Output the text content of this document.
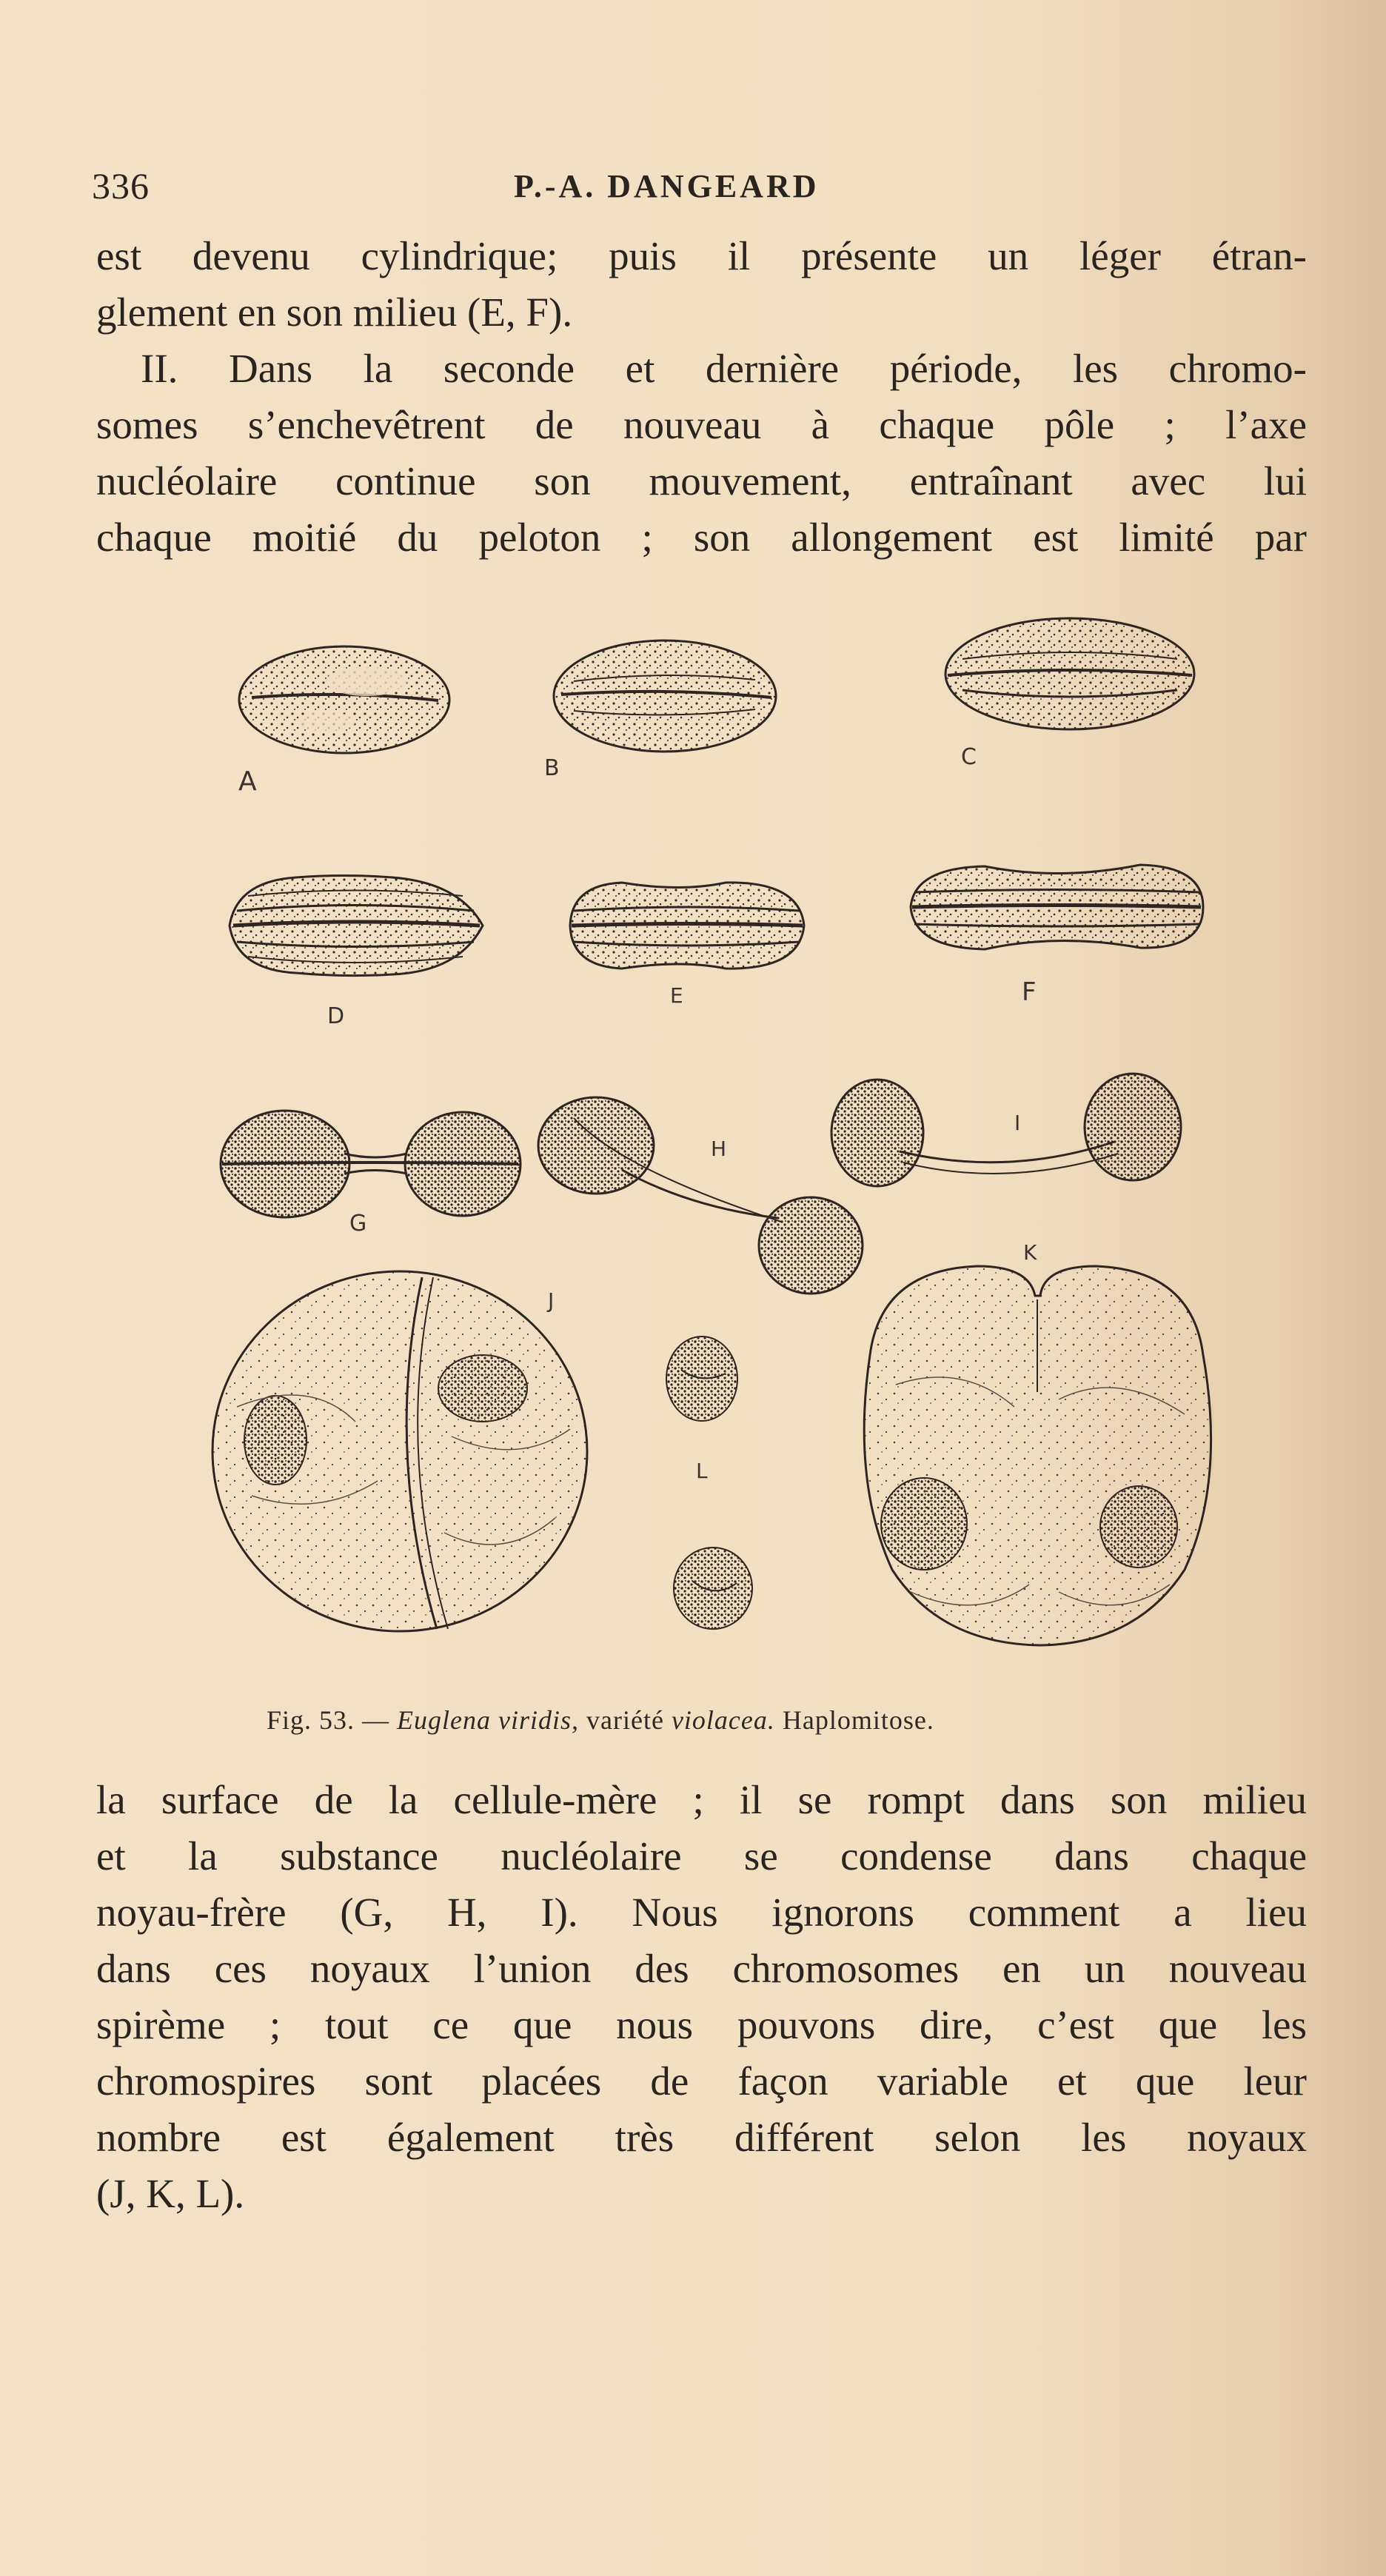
336	P.-A. DANGEARD

est devenu cylindrique; puis il présente un léger étran-
glement en son milieu (E, F).

II. Dans la seconde et dernière période, les chromo-
somes s’enchevêtrent de nouveau à chaque pôle ; l’axe
nucléolaire continue son mouvement, entraînant avec lui
chaque moitié du peloton ; son allongement est limité par

A	B	C
D
E	F
G
H
I
J
K
L
Fig. 53. — Euglena viridis, variété violacea. Haplomitose.

la surface de la cellule-mère ; il se rompt dans son milieu
et la substance nucléolaire se condense dans chaque
noyau-frère (G, H, I). Nous ignorons comment a lieu
dans ces noyaux l’union des chromosomes en un nouveau
spirème ; tout ce que nous pouvons dire, c’est que les
chromospires sont placées de façon variable et que leur
nombre est également très différent selon les noyaux
(J, K, L).
